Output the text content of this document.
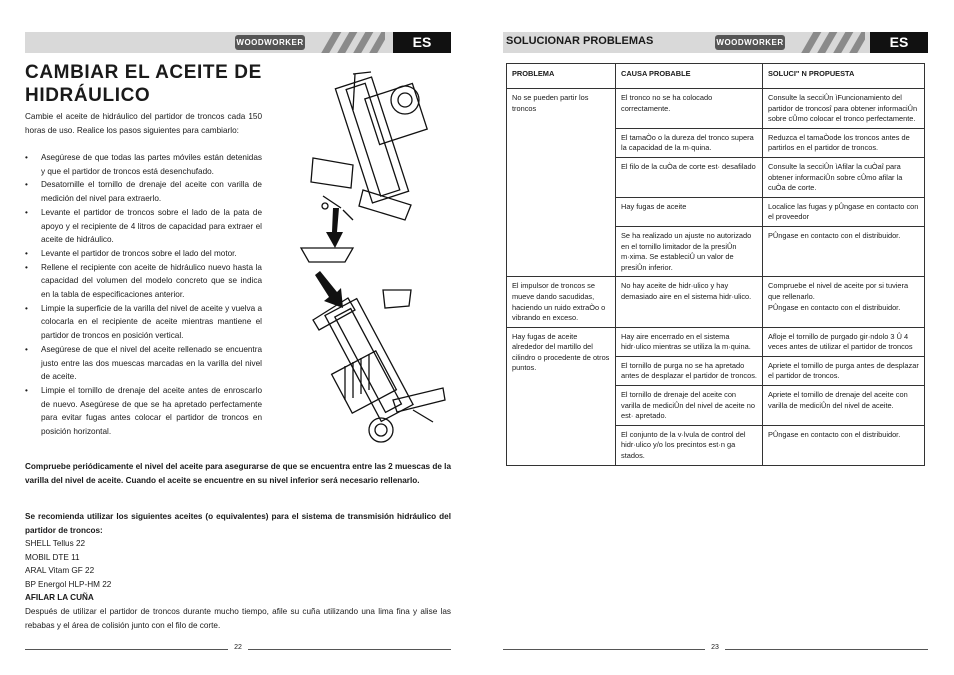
WOODWORKER	ES
CAMBIAR EL ACEITE DE HIDRÁULICO
Cambie el aceite de hidráulico del partidor de troncos cada 150 horas de uso. Realice los pasos siguientes para cambiarlo:
• Asegúrese de que todas las partes móviles están detenidas y que el partidor de troncos está desenchufado.
• Desatornille el tornillo de drenaje del aceite con varilla de medición del nivel para extraerlo.
• Levante el partidor de troncos sobre el lado de la pata de apoyo y el recipiente de 4 litros de capacidad para extraer el aceite de hidráulico.
• Levante el partidor de troncos sobre el lado del motor.
• Rellene el recipiente con aceite de hidráulico nuevo hasta la capacidad del volumen del modelo concreto que se indica en la tabla de especificaciones anterior.
• Limpie la superficie de la varilla del nivel de aceite y vuelva a colocarla en el recipiente de aceite mientras mantiene el partidor de troncos en posición vertical.
• Asegúrese de que el nivel del aceite rellenado se encuentra justo entre las dos muescas marcadas en la varilla del nivel de aceite.
• Limpie el tornillo de drenaje del aceite antes de enroscarlo de nuevo. Asegúrese de que se ha apretado perfectamente para evitar fugas antes colocar el partidor de troncos en posición horizontal.
Compruebe periódicamente el nivel del aceite para asegurarse de que se encuentra entre las 2 muescas de la varilla del nivel de aceite. Cuando el aceite se encuentre en su nivel inferior será necesario rellenarlo.
Se recomienda utilizar los siguientes aceites (o equivalentes) para el sistema de transmisión hidráulico del partidor de troncos:
SHELL Tellus 22
MOBIL DTE 11
ARAL Vitam GF 22
BP Energol HLP-HM 22
AFILAR LA CUÑA
Después de utilizar el partidor de troncos durante mucho tiempo, afile su cuña utilizando una lima fina y alise las rebabas y el área de colisión junto con el filo de corte.
22
SOLUCIONAR PROBLEMAS	WOODWORKER	ES
23
PROBLEMA	CAUSA PROBABLE	SOLUCI" N PROPUESTA
No se pueden partir los troncos	El tronco no se ha colocado correctamente.	Consulte la secciÛn ìFuncionamiento del partidor de troncosî para obtener informaciÛn sobre cÛmo colocar el tronco perfectamente.
	El tamaÒo o la dureza del tronco supera la capacidad de la m·quina.	Reduzca el tamaÒode los troncos antes de partirlos en el partidor de troncos.
	El filo de la cuÒa de corte est· desafilado	Consulte la secciÛn ìAfilar la cuÒaî para obtener informaciÛn sobre cÛmo afilar la cuÒa de corte.
	Hay fugas de aceite	Localice las fugas y pÛngase en contacto con el proveedor
	Se ha realizado un ajuste no autorizado en el tornillo limitador de la presiÛn m·xima. Se estableciÛ un valor de presiÛn inferior.	PÛngase en contacto con el distribuidor.
El impulsor de troncos se mueve dando sacudidas, haciendo un ruido extraÒo o vibrando en exceso.	No hay aceite de hidr·ulico y hay demasiado aire en el sistema hidr·ulico.	Compruebe el nivel de aceite por si tuviera que rellenarlo.
PÛngase en contacto con el distribuidor.
Hay fugas de aceite alrededor del martillo del cilindro o procedente de otros puntos.	Hay aire encerrado en el sistema hidr·ulico mientras se utiliza la m·quina.	Afloje el tornillo de purgado gir·ndolo 3 Û 4 veces antes de utilizar el partidor de troncos
	El tornillo de purga no se ha apretado antes de desplazar el partidor de troncos.	Apriete el tornillo de purga antes de desplazar el partidor de troncos.
	El tornillo de drenaje del aceite con varilla de mediciÛn del nivel de aceite no est· apretado.	Apriete el tornillo de drenaje del aceite con varilla de mediciÛn del nivel de aceite.
	El conjunto de la v·lvula de control del hidr·ulico y/o los precintos est·n ga stados.	PÛngase en contacto con el distribuidor.
